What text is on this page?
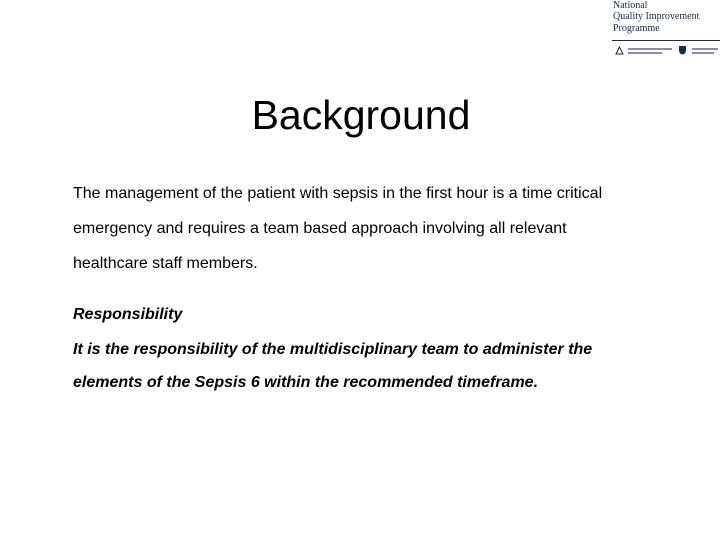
National
Quality Improvement
Programme
Background
The management of the patient with sepsis in the first hour is a time critical
emergency and requires a team based approach involving all relevant
healthcare staff members.
Responsibility
It is the responsibility of the multidisciplinary team to administer the
elements of the Sepsis 6 within the recommended timeframe.
